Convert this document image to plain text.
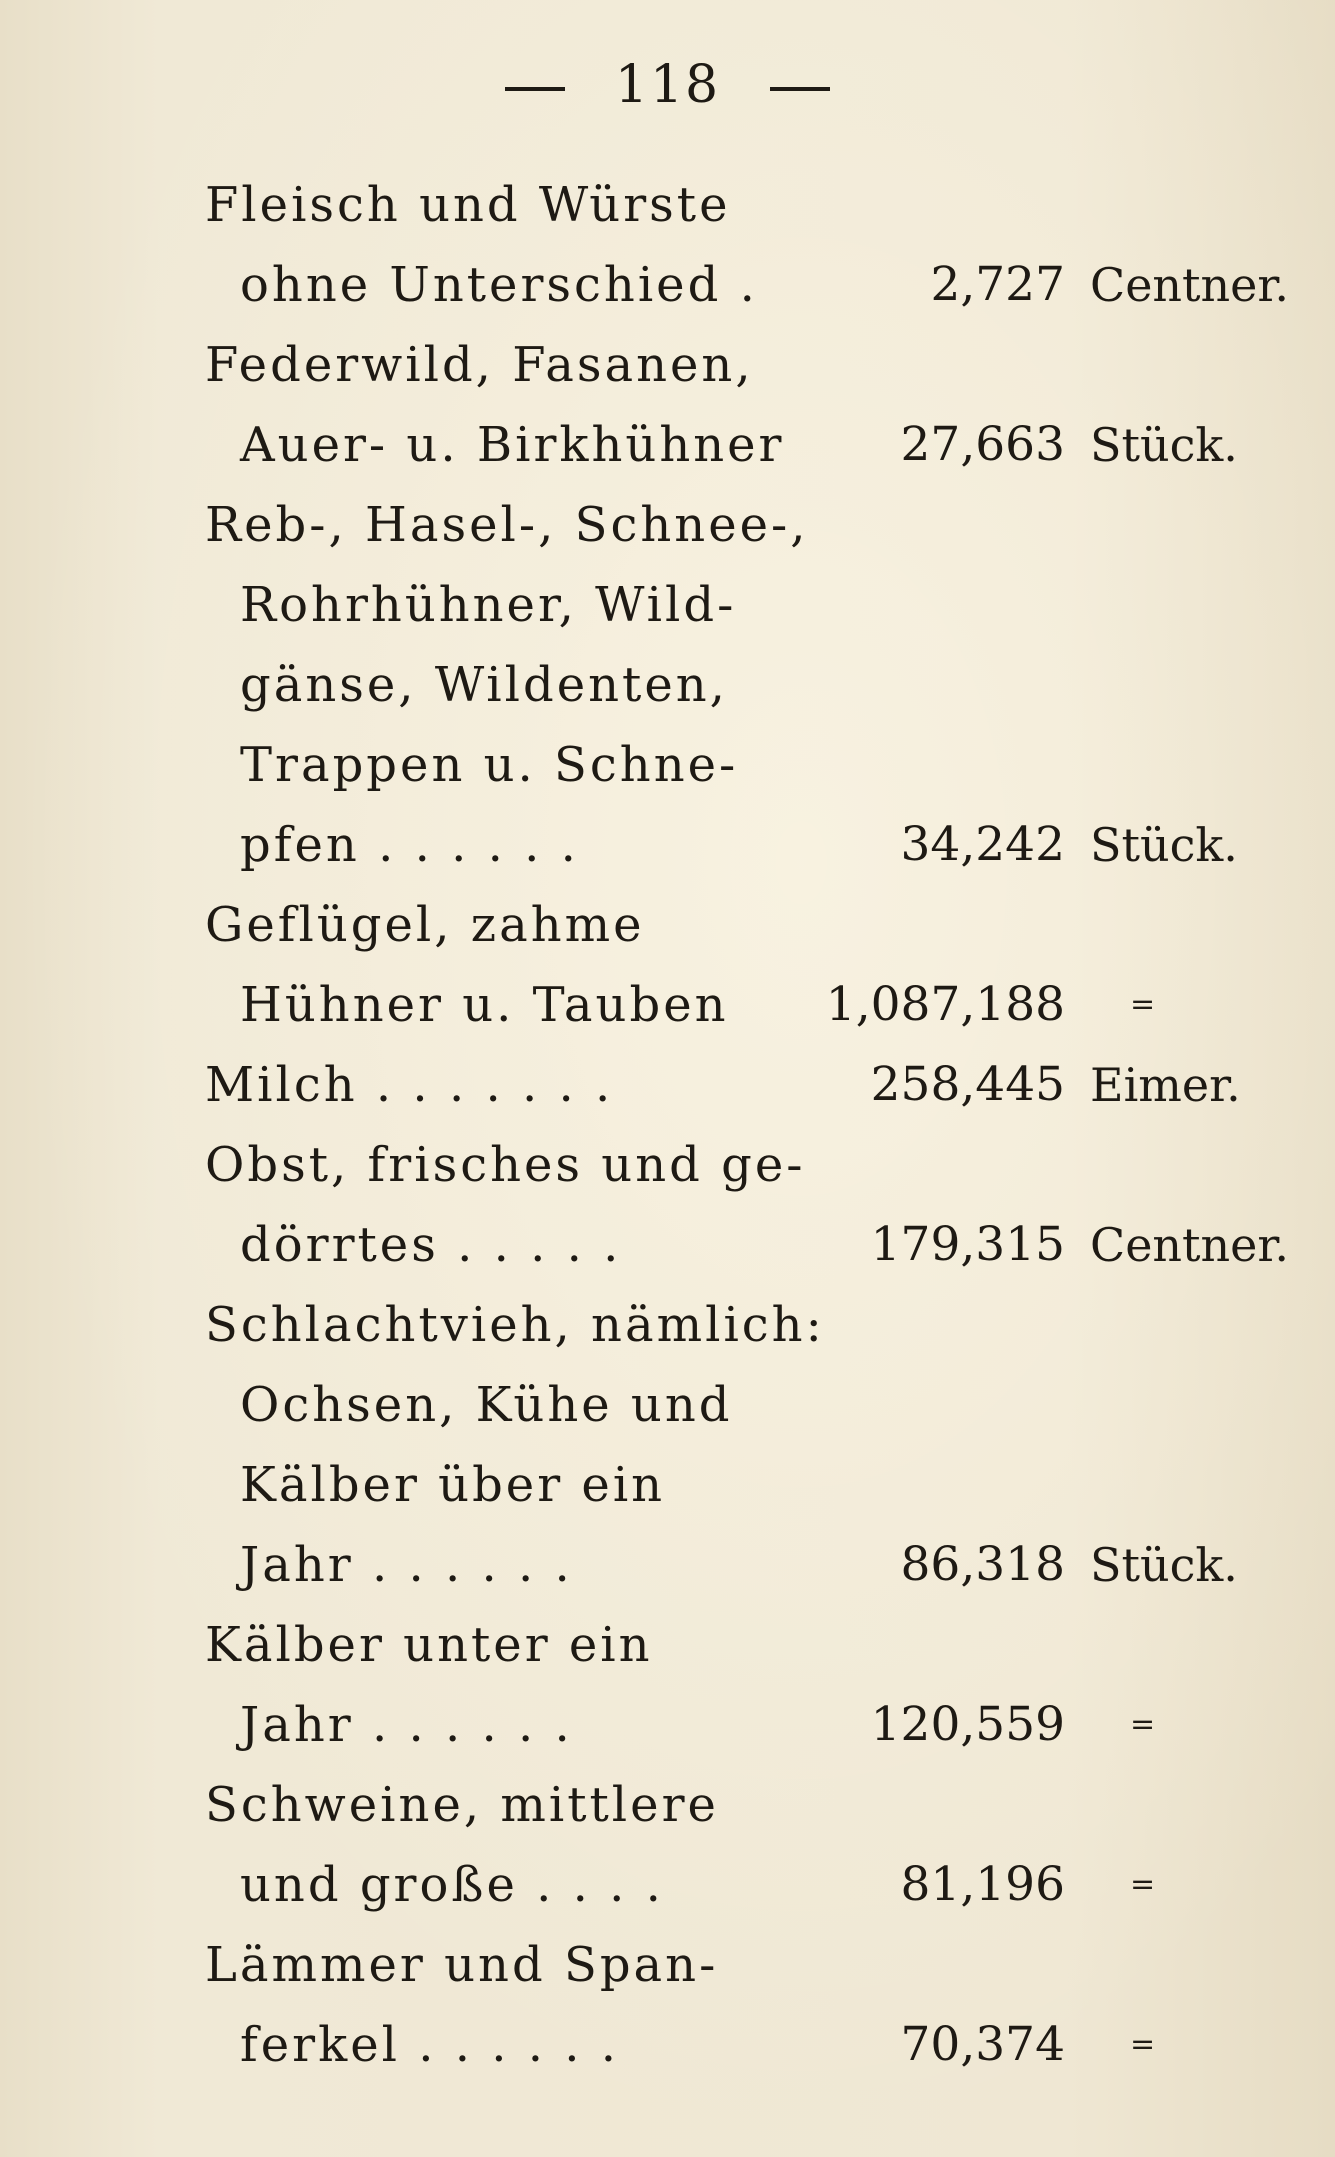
118
Fleisch und Würste
ohne Unterschied .	2,727 Centner.
Federwild, Fasanen,
Auer- u. Birkhühner 27,663 Stück.
Reb-, Hasel-, Schnee-,
Rohrhühner, Wild-
gänse, Wildenten,
Trappen u. Schne-
pfen . . . . . .	34,242 Stück.
Geflügel, zahme
Hühner u. Tauben 1,087,188 =
Milch . . . . . . .	258,445 Eimer.
Obst, frisches und ge-
dörrtes . . . . .	179,315 Centner.
Schlachtvieh, nämlich:
Ochsen, Kühe und
Kälber über ein
Jahr . . . . . .	86,318 Stück.
Kälber unter ein
Jahr . . . . . .	120,559 =
Schweine, mittlere
und große . . . .	81,196 =
Lämmer und Span-
ferkel . . . . . .	70,374 =
